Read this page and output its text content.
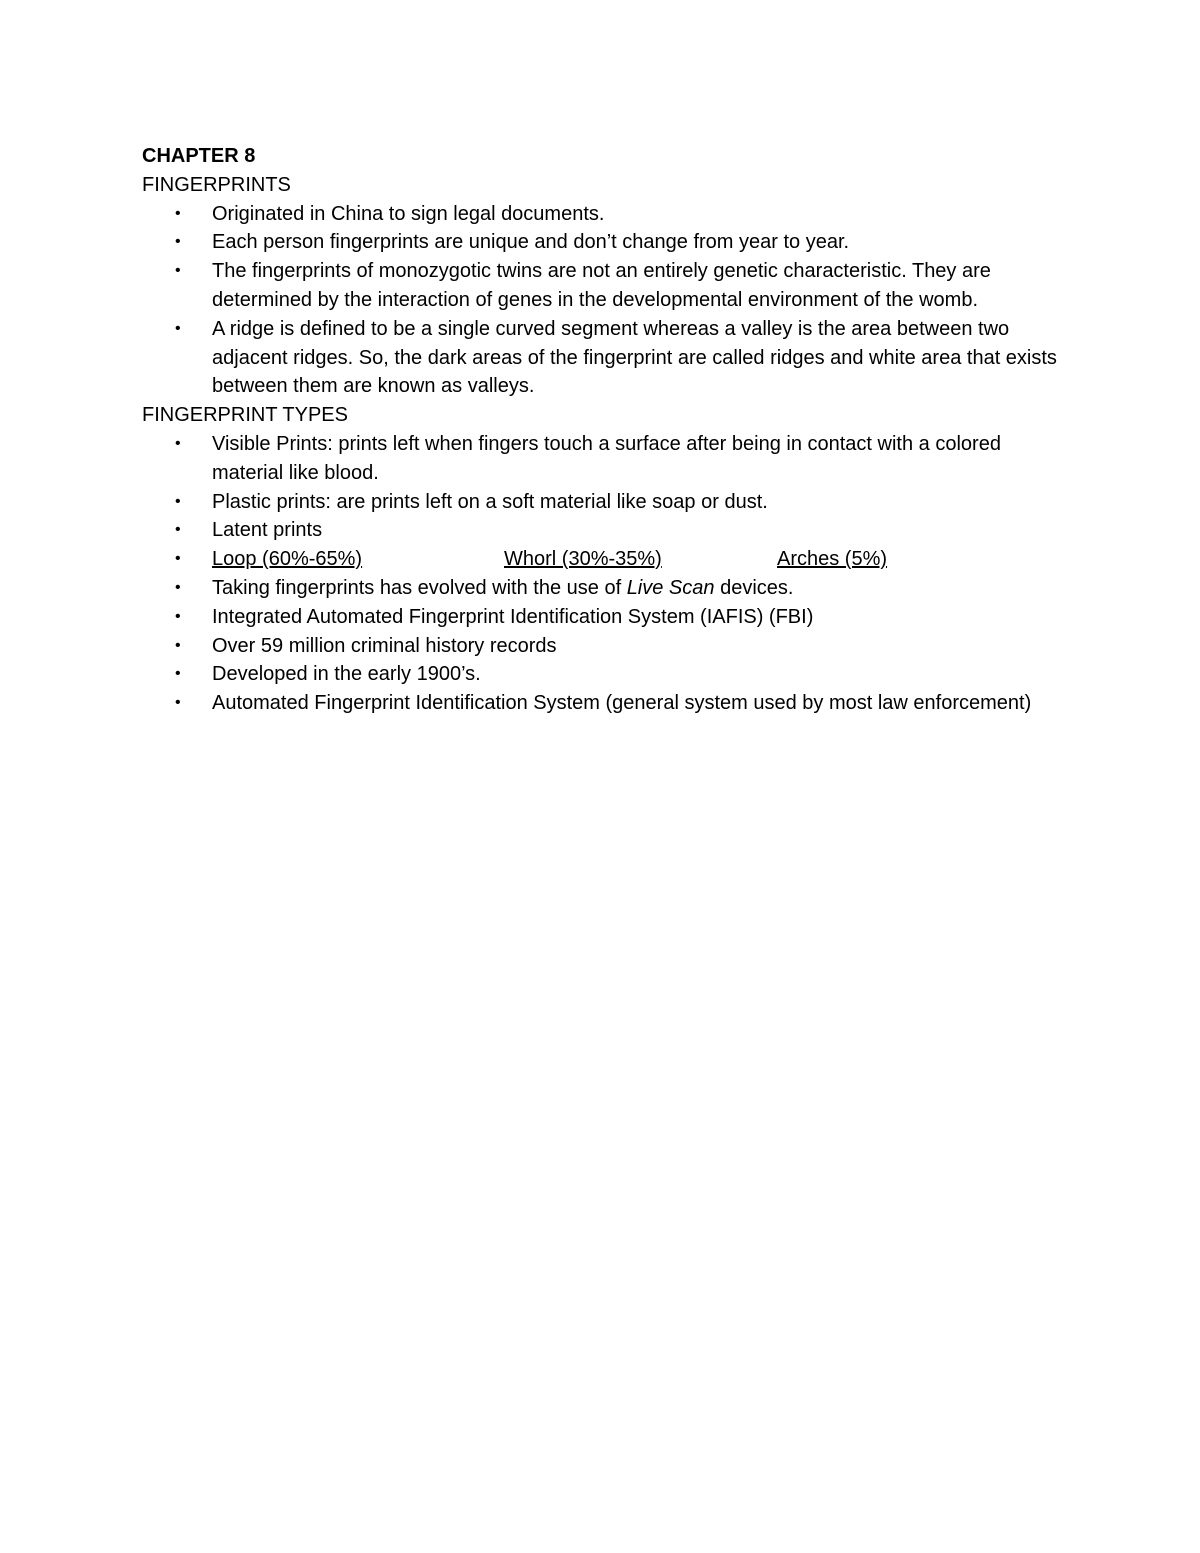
CHAPTER 8

FINGERPRINTS

• Originated in China to sign legal documents.
• Each person fingerprints are unique and don’t change from year to year.
• The fingerprints of monozygotic twins are not an entirely genetic characteristic. They are determined by the interaction of genes in the developmental environment of the womb.
• A ridge is defined to be a single curved segment whereas a valley is the area between two adjacent ridges. So, the dark areas of the fingerprint are called ridges and white area that exists between them are known as valleys.

FINGERPRINT TYPES

• Visible Prints: prints left when fingers touch a surface after being in contact with a colored material like blood.
• Plastic prints: are prints left on a soft material like soap or dust.
• Latent prints
• Loop (60%-65%)	Whorl (30%-35%)	Arches (5%)
• Taking fingerprints has evolved with the use of Live Scan devices.
• Integrated Automated Fingerprint Identification System (IAFIS) (FBI)
• Over 59 million criminal history records
• Developed in the early 1900’s.
• Automated Fingerprint Identification System (general system used by most law enforcement)
